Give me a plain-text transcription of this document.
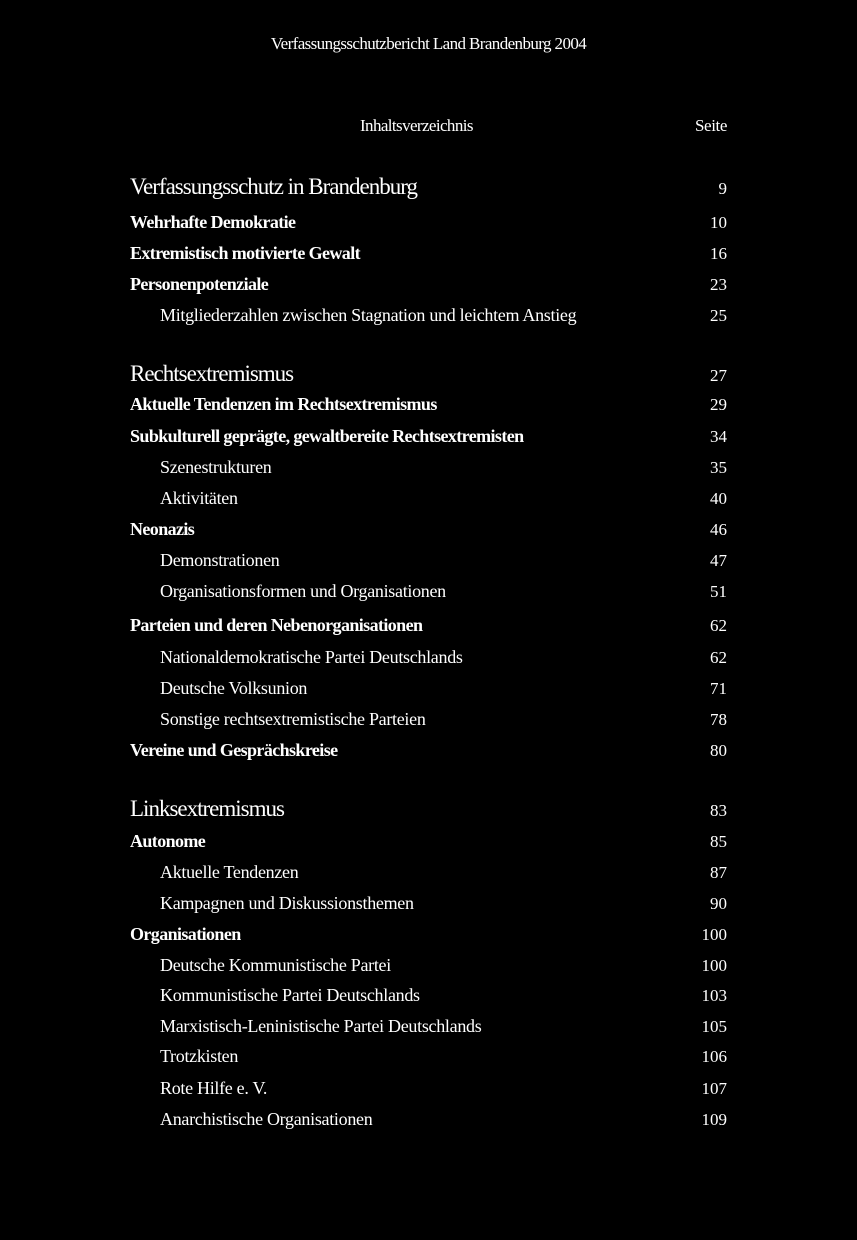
Verfassungsschutzbericht Land Brandenburg 2004
Inhaltsverzeichnis	Seite
Verfassungsschutz in Brandenburg	9
Wehrhafte Demokratie	10
Extremistisch motivierte Gewalt	16
Personenpotenziale	23
Mitgliederzahlen zwischen Stagnation und leichtem Anstieg	25
Rechtsextremismus	27
Aktuelle Tendenzen im Rechtsextremismus	29
Subkulturell geprägte, gewaltbereite Rechtsextremisten	34
Szenestrukturen	35
Aktivitäten	40
Neonazis	46
Demonstrationen	47
Organisationsformen und Organisationen	51
Parteien und deren Nebenorganisationen	62
Nationaldemokratische Partei Deutschlands	62
Deutsche Volksunion	71
Sonstige rechtsextremistische Parteien	78
Vereine und Gesprächskreise	80
Linksextremismus	83
Autonome	85
Aktuelle Tendenzen	87
Kampagnen und Diskussionsthemen	90
Organisationen	100
Deutsche Kommunistische Partei	100
Kommunistische Partei Deutschlands	103
Marxistisch-Leninistische Partei Deutschlands	105
Trotzkisten	106
Rote Hilfe e. V.	107
Anarchistische Organisationen	109
